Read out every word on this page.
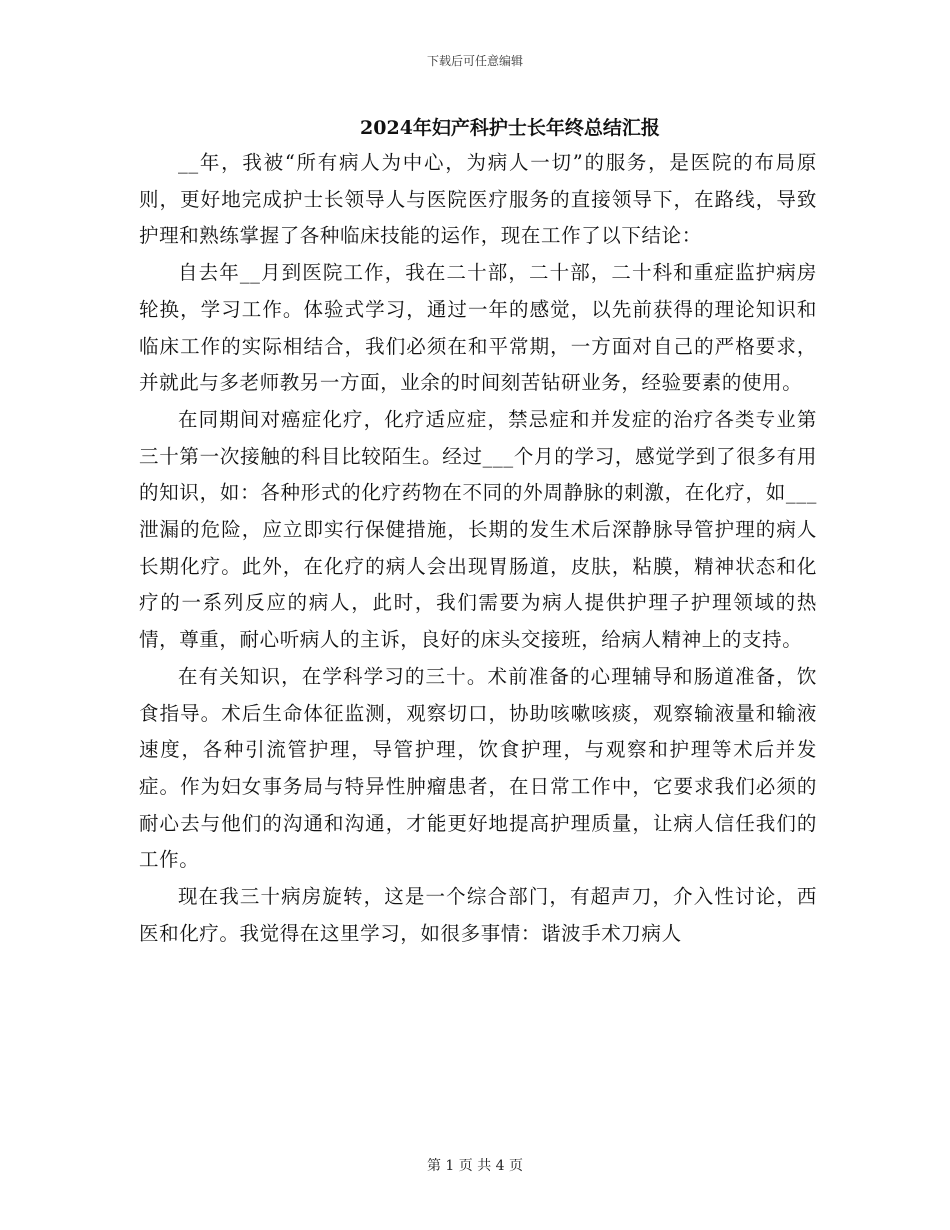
下载后可任意编辑
2024年妇产科护士长年终总结汇报

__年，我被“所有病人为中心，为病人一切”的服务，是医院的布局原则，更好地完成护士长领导人与医院医疗服务的直接领导下，在路线，导致护理和熟练掌握了各种临床技能的运作，现在工作了以下结论：

自去年__月到医院工作，我在二十部，二十部，二十科和重症监护病房轮换，学习工作。体验式学习，通过一年的感觉，以先前获得的理论知识和临床工作的实际相结合，我们必须在和平常期，一方面对自己的严格要求，并就此与多老师教另一方面，业余的时间刻苦钻研业务，经验要素的使用。

在同期间对癌症化疗，化疗适应症，禁忌症和并发症的治疗各类专业第三十第一次接触的科目比较陌生。经过___个月的学习，感觉学到了很多有用的知识，如：各种形式的化疗药物在不同的外周静脉的刺激，在化疗，如___泄漏的危险，应立即实行保健措施，长期的发生术后深静脉导管护理的病人长期化疗。此外，在化疗的病人会出现胃肠道，皮肤，粘膜，精神状态和化疗的一系列反应的病人，此时，我们需要为病人提供护理子护理领域的热情，尊重，耐心听病人的主诉，良好的床头交接班，给病人精神上的支持。

在有关知识，在学科学习的三十。术前准备的心理辅导和肠道准备，饮食指导。术后生命体征监测，观察切口，协助咳嗽咳痰，观察输液量和输液速度，各种引流管护理，导管护理，饮食护理，与观察和护理等术后并发症。作为妇女事务局与特异性肿瘤患者，在日常工作中，它要求我们必须的耐心去与他们的沟通和沟通，才能更好地提高护理质量，让病人信任我们的工作。

现在我三十病房旋转，这是一个综合部门，有超声刀，介入性讨论，西医和化疗。我觉得在这里学习，如很多事情：谐波手术刀病人

第 1 页 共 4 页
